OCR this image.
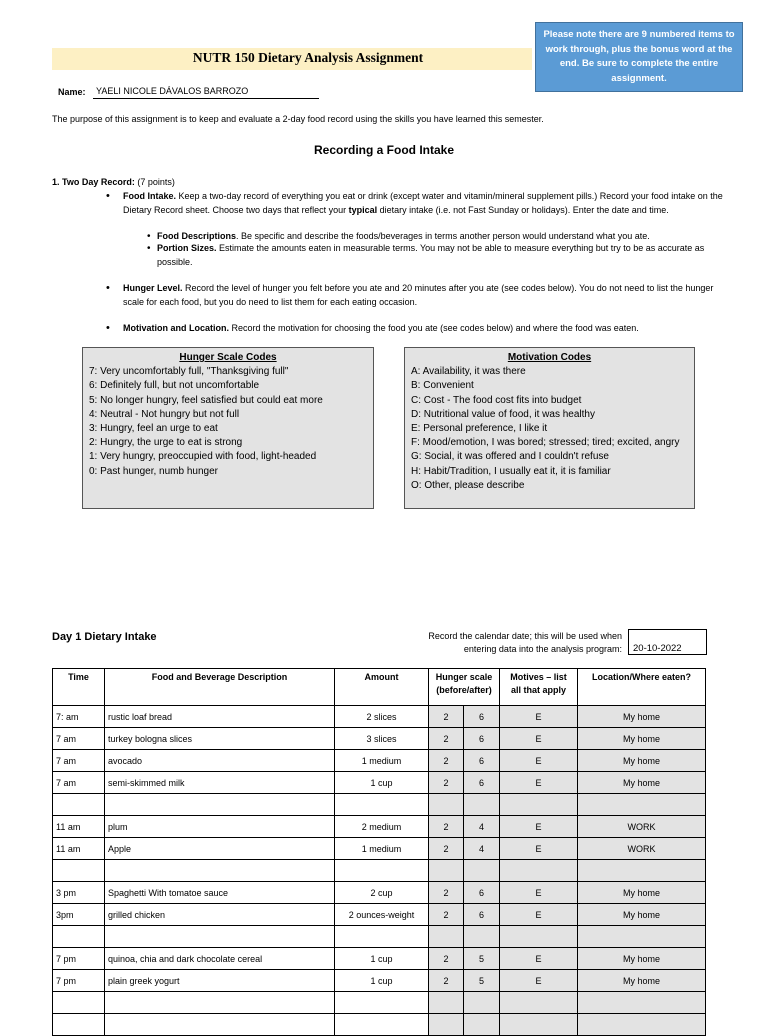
NUTR 150 Dietary Analysis Assignment
Please note there are 9 numbered items to work through, plus the bonus word at the end. Be sure to complete the entire assignment.
Name:	YAELI NICOLE DÁVALOS BARROZO
The purpose of this assignment is to keep and evaluate a 2-day food record using the skills you have learned this semester.
Recording a Food Intake
1. Two Day Record: (7 points)
• Food Intake. Keep a two-day record of everything you eat or drink (except water and vitamin/mineral supplement pills.) Record your food intake on the Dietary Record sheet. Choose two days that reflect your typical dietary intake (i.e. not Fast Sunday or holidays). Enter the date and time.
• Food Descriptions. Be specific and describe the foods/beverages in terms another person would understand what you ate.
• Portion Sizes. Estimate the amounts eaten in measurable terms. You may not be able to measure everything but try to be as accurate as possible.
• Hunger Level. Record the level of hunger you felt before you ate and 20 minutes after you ate (see codes below). You do not need to list the hunger scale for each food, but you do need to list them for each eating occasion.
• Motivation and Location. Record the motivation for choosing the food you ate (see codes below) and where the food was eaten.
Hunger Scale Codes
7: Very uncomfortably full, "Thanksgiving full"
6: Definitely full, but not uncomfortable
5: No longer hungry, feel satisfied but could eat more
4: Neutral - Not hungry but not full
3: Hungry, feel an urge to eat
2: Hungry, the urge to eat is strong
1: Very hungry, preoccupied with food, light-headed
0: Past hunger, numb hunger
Motivation Codes
A: Availability, it was there
B: Convenient
C: Cost - The food cost fits into budget
D: Nutritional value of food, it was healthy
E: Personal preference, I like it
F: Mood/emotion, I was bored; stressed; tired; excited, angry
G: Social, it was offered and I couldn't refuse
H: Habit/Tradition, I usually eat it, it is familiar
O: Other, please describe
Day 1 Dietary Intake	Record the calendar date; this will be used when
entering data into the analysis program:	20-10-2022
Time	Food and Beverage Description	Amount	Hunger scale
(before/after)		Motives – list
all that apply	Location/Where eaten?
7: am	rustic loaf bread	2 slices	2	6	E	My home
7 am	turkey bologna slices	3 slices	2	6	E	My home
7 am	avocado	1 medium	2	6	E	My home
7 am	semi-skimmed milk	1 cup	2	6	E	My home

11 am	plum	2 medium	2	4	E	WORK
11 am	Apple	1 medium	2	4	E	WORK

3 pm	Spaghetti With tomatoe sauce	2 cup	2	6	E	My home
3pm	grilled chicken	2 ounces-weight	2	6	E	My home

7 pm	quinoa, chia and dark chocolate cereal	1 cup	2	5	E	My home
7 pm	plain greek yogurt	1 cup	2	5	E	My home
